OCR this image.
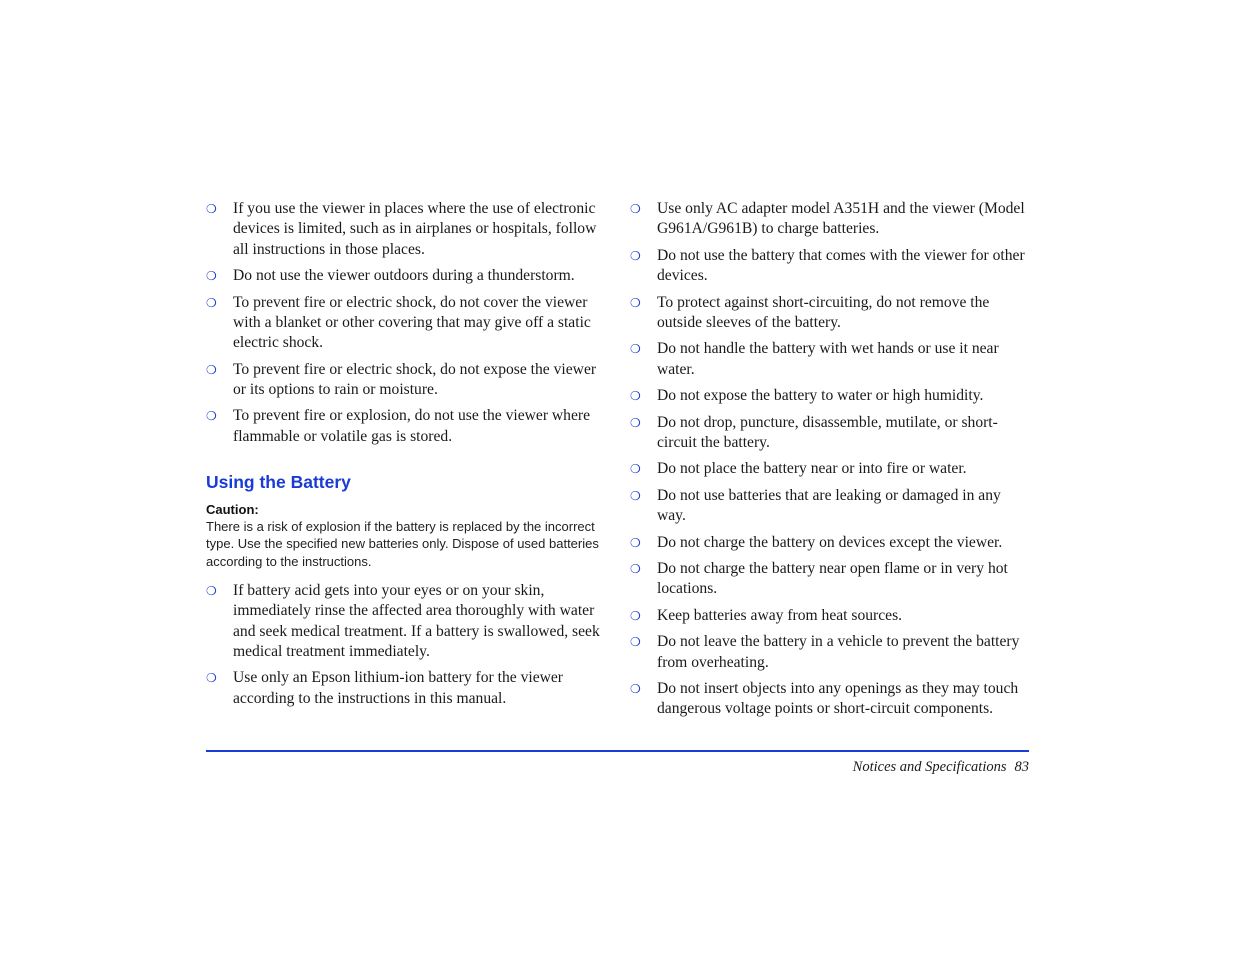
❍ If you use the viewer in places where the use of electronic devices is limited, such as in airplanes or hospitals, follow all instructions in those places.
❍ Do not use the viewer outdoors during a thunderstorm.
❍ To prevent fire or electric shock, do not cover the viewer with a blanket or other covering that may give off a static electric shock.
❍ To prevent fire or electric shock, do not expose the viewer or its options to rain or moisture.
❍ To prevent fire or explosion, do not use the viewer where flammable or volatile gas is stored.
Using the Battery
Caution:
There is a risk of explosion if the battery is replaced by the incorrect type. Use the specified new batteries only. Dispose of used batteries according to the instructions.
❍ If battery acid gets into your eyes or on your skin, immediately rinse the affected area thoroughly with water and seek medical treatment. If a battery is swallowed, seek medical treatment immediately.
❍ Use only an Epson lithium-ion battery for the viewer according to the instructions in this manual.
❍ Use only AC adapter model A351H and the viewer (Model G961A/G961B) to charge batteries.
❍ Do not use the battery that comes with the viewer for other devices.
❍ To protect against short-circuiting, do not remove the outside sleeves of the battery.
❍ Do not handle the battery with wet hands or use it near water.
❍ Do not expose the battery to water or high humidity.
❍ Do not drop, puncture, disassemble, mutilate, or short-circuit the battery.
❍ Do not place the battery near or into fire or water.
❍ Do not use batteries that are leaking or damaged in any way.
❍ Do not charge the battery on devices except the viewer.
❍ Do not charge the battery near open flame or in very hot locations.
❍ Keep batteries away from heat sources.
❍ Do not leave the battery in a vehicle to prevent the battery from overheating.
❍ Do not insert objects into any openings as they may touch dangerous voltage points or short-circuit components.
Notices and Specifications 83
